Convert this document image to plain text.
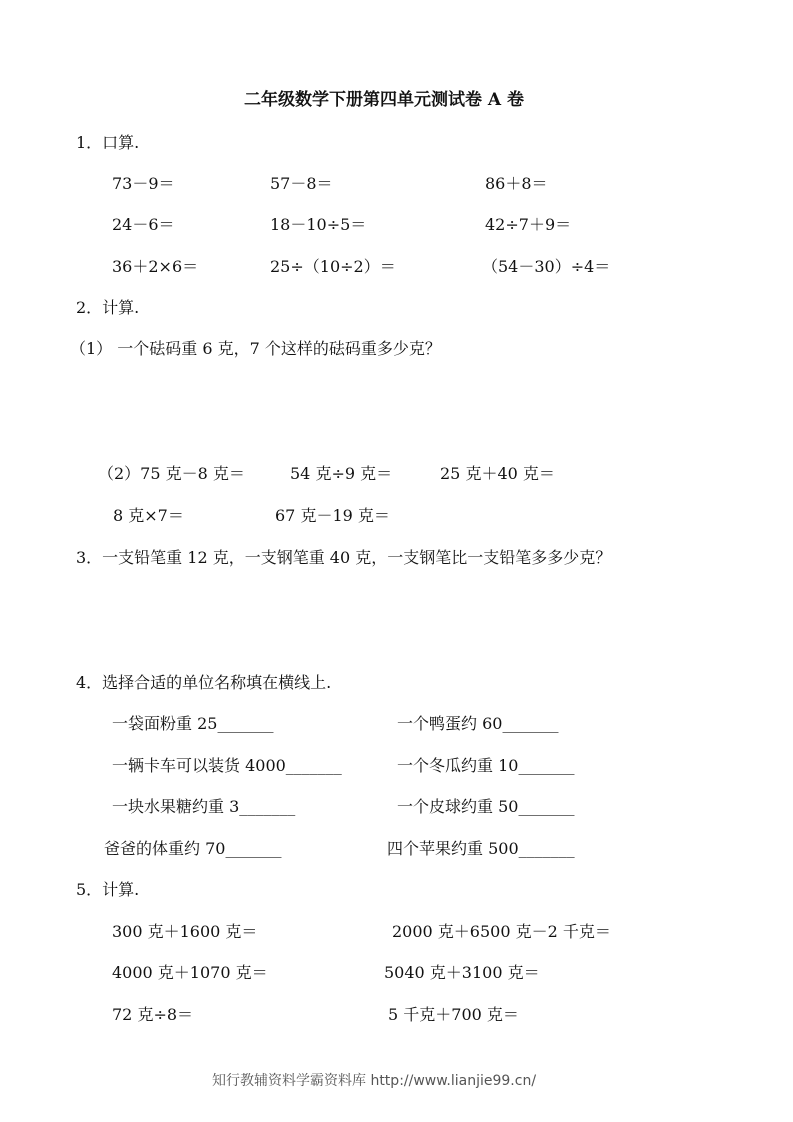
二年级数学下册第四单元测试卷 A 卷
1．口算.
73－9＝	57－8＝	86＋8＝
24－6＝	18－10÷5＝	42÷7＋9＝
36＋2×6＝	25÷（10÷2）＝	（54－30）÷4＝
2．计算.
（1） 一个砝码重 6 克，7 个这样的砝码重多少克？
（2）75 克－8 克＝	54 克÷9 克＝	25 克＋40 克＝
8 克×7＝	67 克－19 克＝
3．一支铅笔重 12 克，一支钢笔重 40 克，一支钢笔比一支铅笔多多少克？
4．选择合适的单位名称填在横线上.
一袋面粉重 25_______	一个鸭蛋约 60_______
一辆卡车可以装货 4000_______	一个冬瓜约重 10_______
一块水果糖约重 3_______	一个皮球约重 50_______
爸爸的体重约 70_______	四个苹果约重 500_______
5．计算.
300 克＋1600 克＝	2000 克＋6500 克－2 千克＝
4000 克＋1070 克＝	5040 克＋3100 克＝
72 克÷8＝	5 千克＋700 克＝
知行教辅资料学霸资料库 http://www.lianjie99.cn/
